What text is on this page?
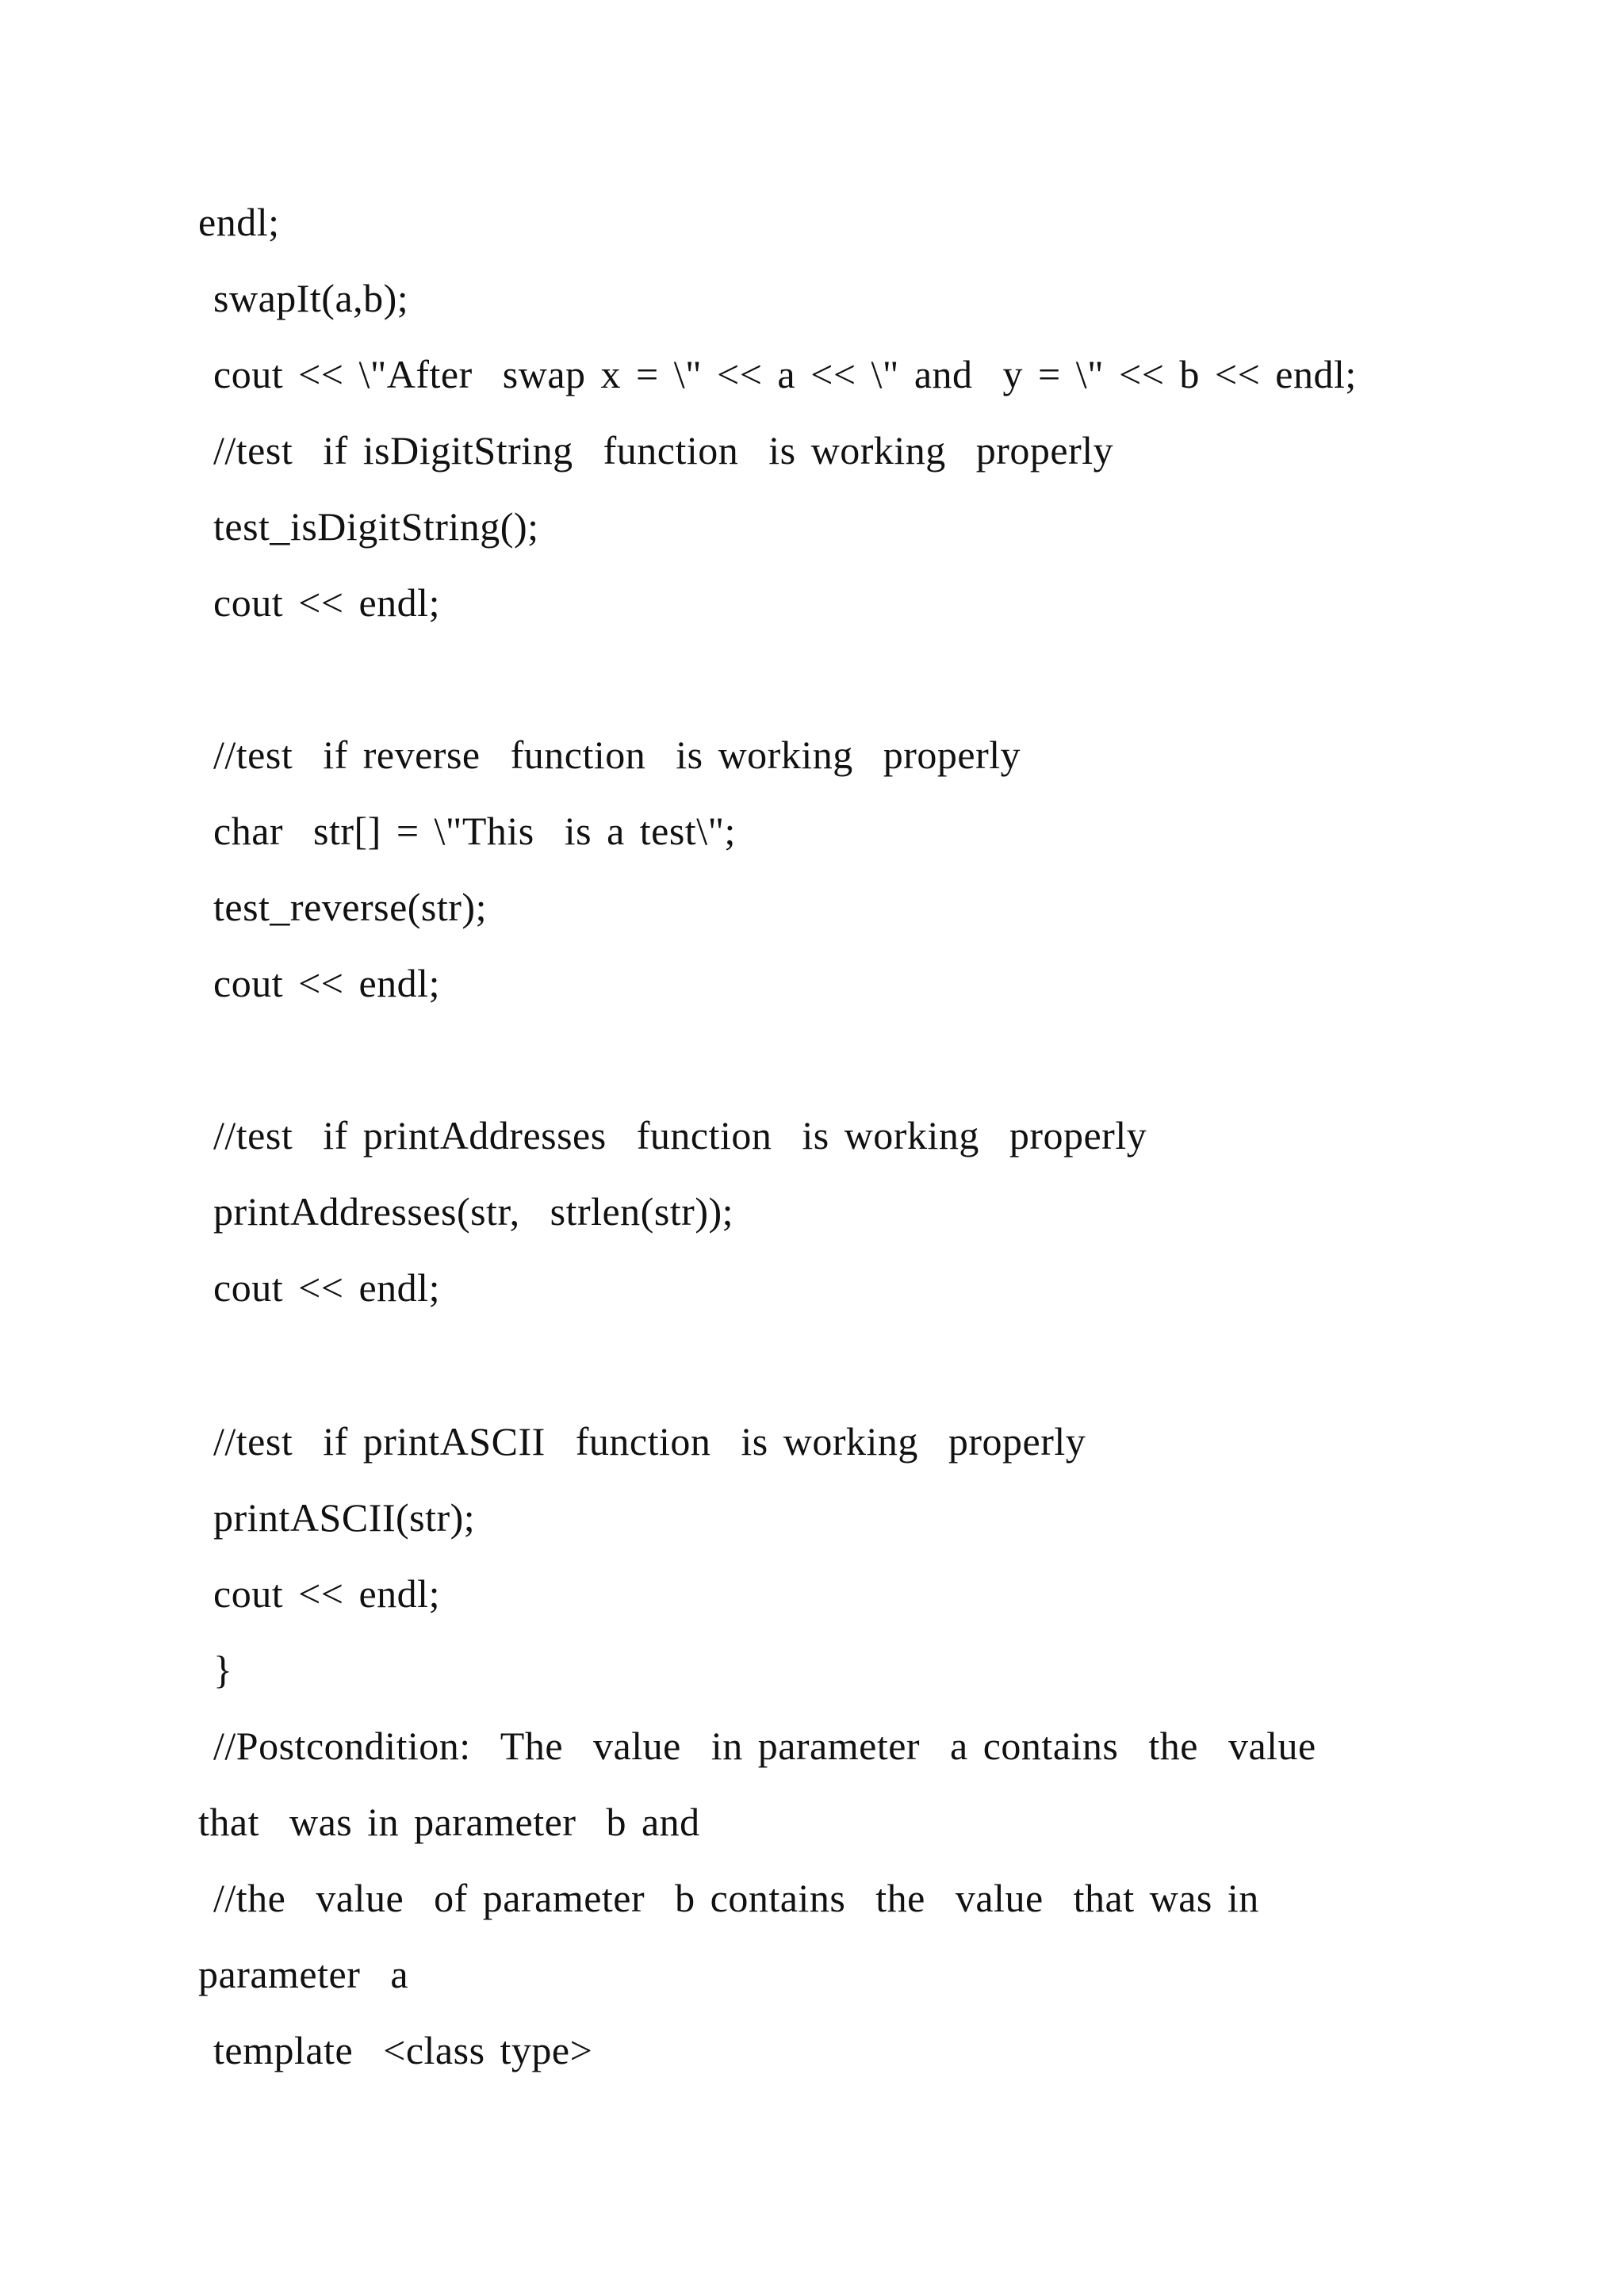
endl;
swapIt(a,b);
cout << \"After  swap x = \" << a << \" and  y = \" << b << endl;
//test  if isDigitString  function  is working  properly
test_isDigitString();
cout << endl;
//test  if reverse  function  is working  properly
char  str[] = \"This  is a test\";
test_reverse(str);
cout << endl;
//test  if printAddresses  function  is working  properly
printAddresses(str,  strlen(str));
cout << endl;
//test  if printASCII  function  is working  properly
printASCII(str);
cout << endl;
}
//Postcondition:  The  value  in parameter  a contains  the  value
that  was in parameter  b and
//the  value  of parameter  b contains  the  value  that was in
parameter  a
template  <class type>
